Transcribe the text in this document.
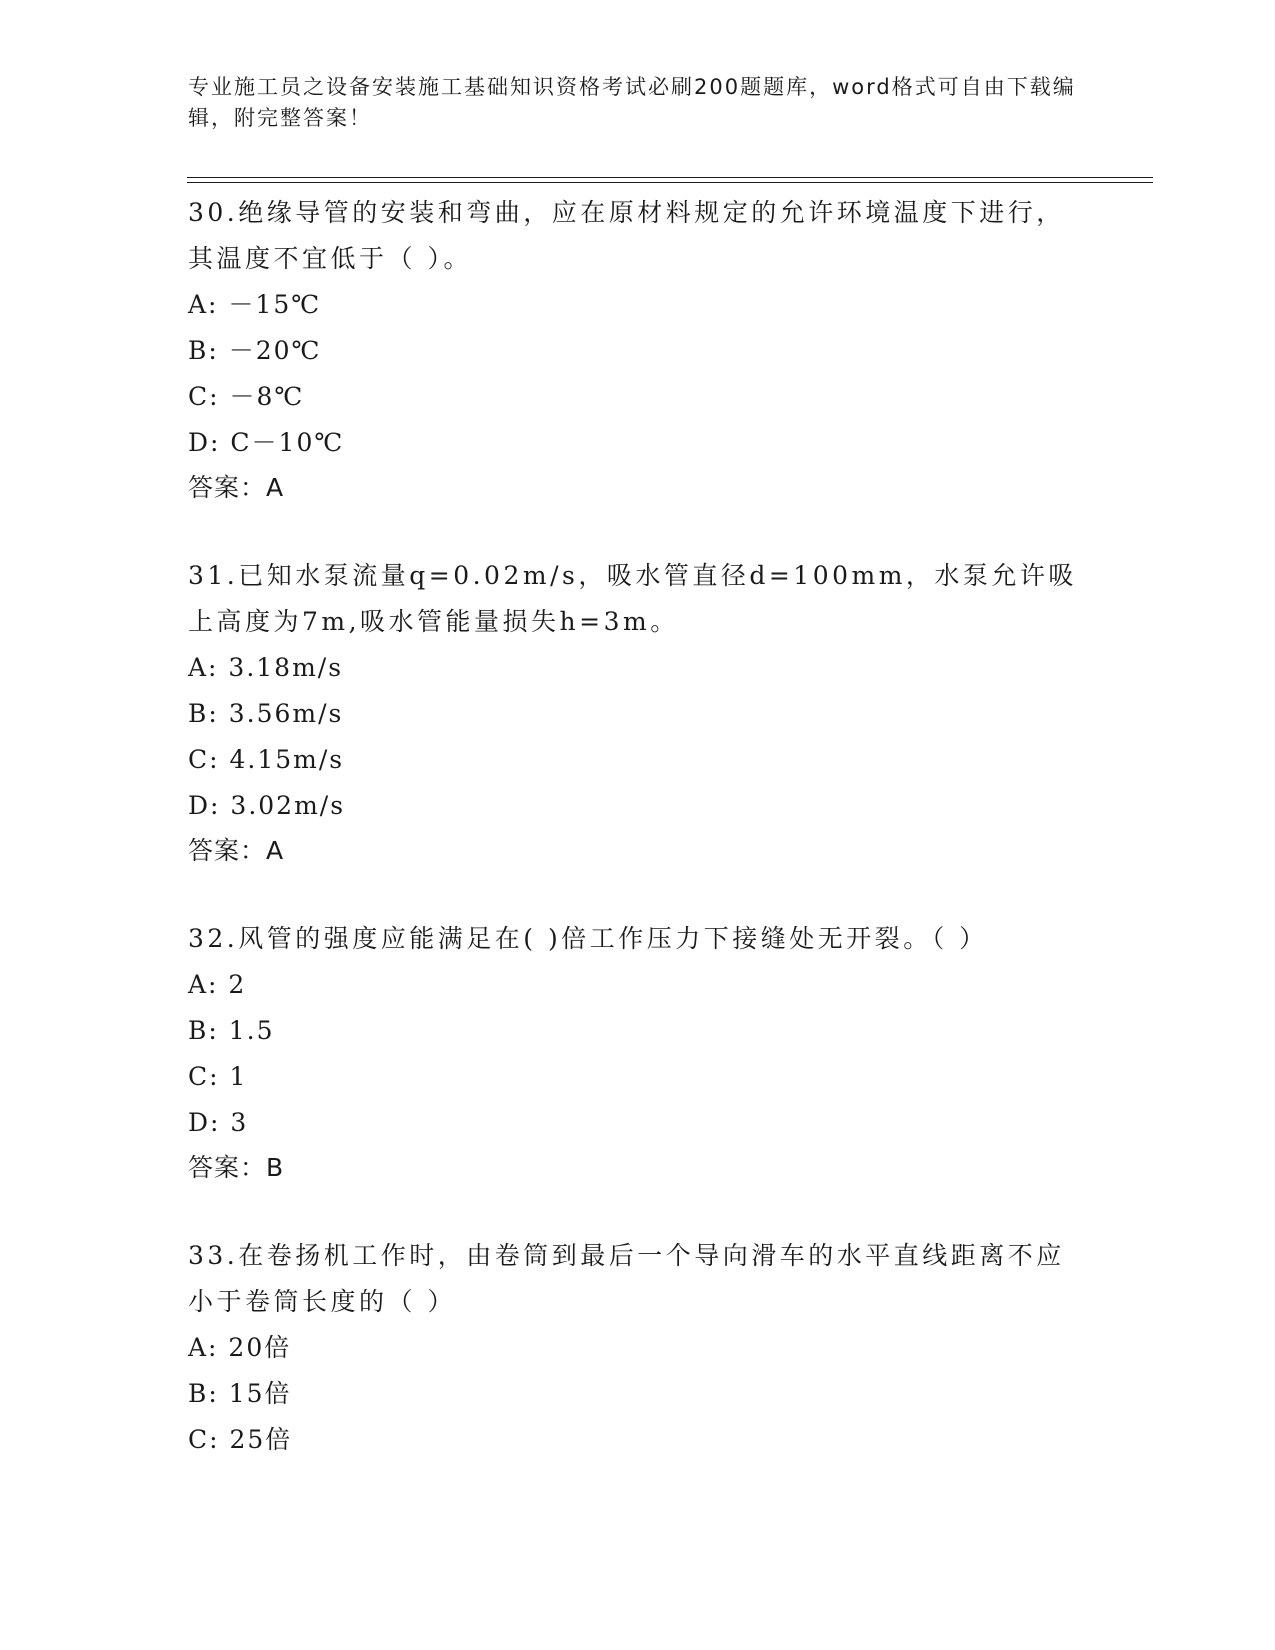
专业施工员之设备安装施工基础知识资格考试必刷200题题库，word格式可自由下载编辑，附完整答案！

30.绝缘导管的安装和弯曲，应在原材料规定的允许环境温度下进行，其温度不宜低于（ ）。

A: －15℃

B: －20℃

C: －8℃

D: C－10℃

答案：A

31.已知水泵流量q=0.02m/s，吸水管直径d=100mm，水泵允许吸上高度为7m,吸水管能量损失h=3m。

A: 3.18m/s

B: 3.56m/s

C: 4.15m/s

D: 3.02m/s

答案：A

32.风管的强度应能满足在( )倍工作压力下接缝处无开裂。（ ）

A: 2

B: 1.5

C: 1

D: 3

答案：B

33.在卷扬机工作时，由卷筒到最后一个导向滑车的水平直线距离不应小于卷筒长度的（ ）

A: 20倍

B: 15倍

C: 25倍
